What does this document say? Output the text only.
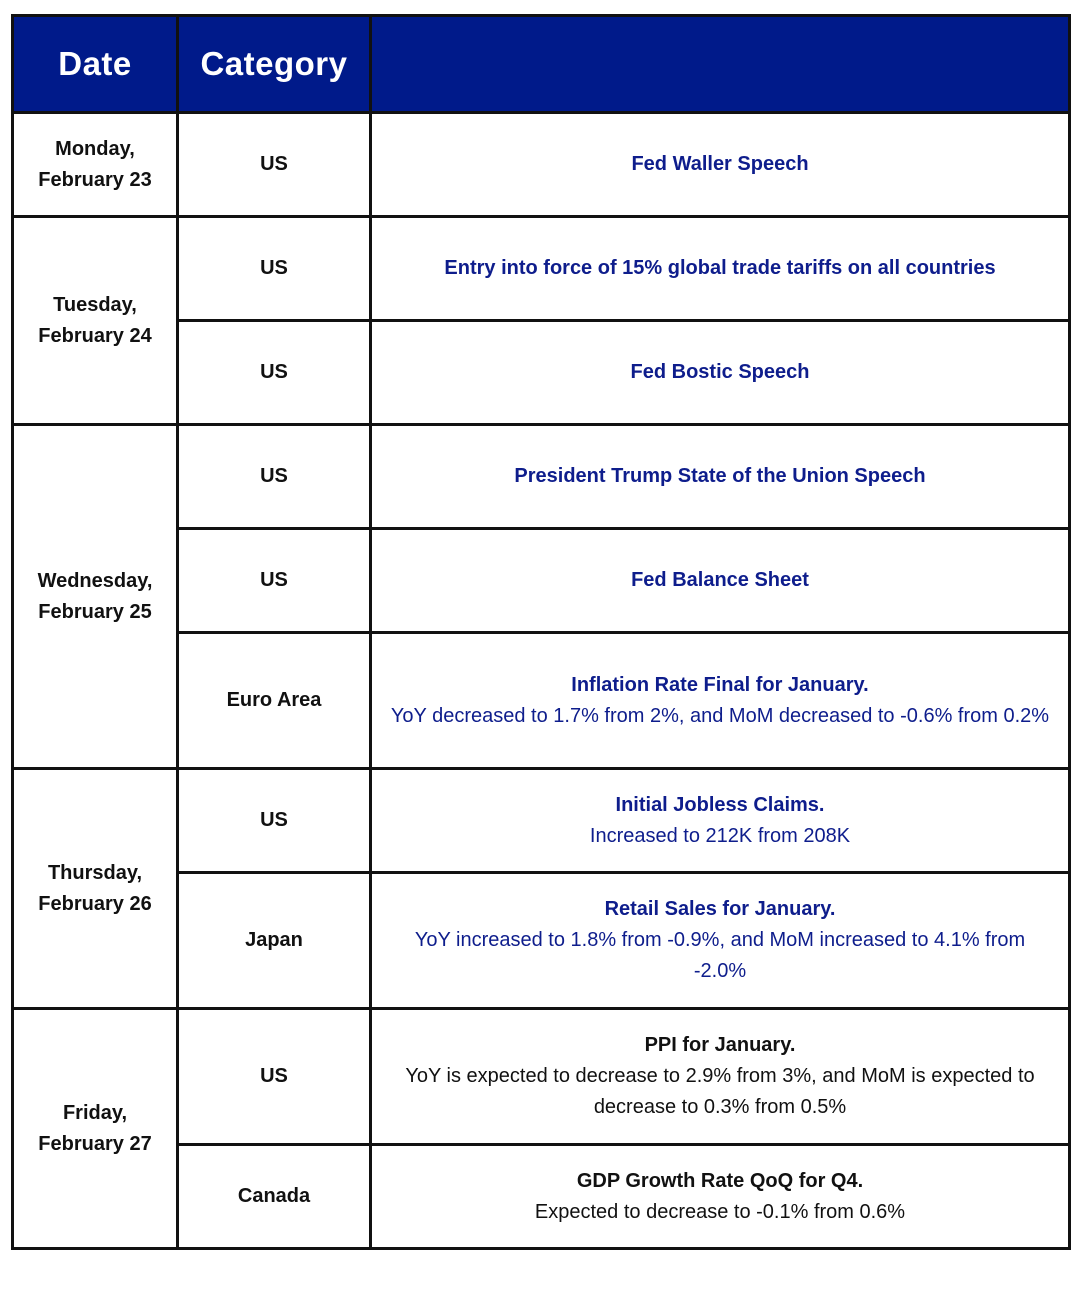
Date	Category	
Monday,
February 23	US	Fed Waller Speech

Tuesday,
February 24	US	Entry into force of 15% global trade tariffs on all countries

	US	Fed Bostic Speech

Wednesday,
February 25	US	President Trump State of the Union Speech

	US	Fed Balance Sheet

	Euro Area	Inflation Rate Final for January.
YoY decreased to 1.7% from 2%, and MoM decreased to -0.6% from 0.2%

Thursday,
February 26	US	Initial Jobless Claims.
Increased to 212K from 208K

	Japan	Retail Sales for January.
YoY increased to 1.8% from -0.9%, and MoM increased to 4.1% from -2.0%

Friday,
February 27	US	PPI for January.
YoY is expected to decrease to 2.9% from 3%, and MoM is expected to decrease to 0.3% from 0.5%

	Canada	GDP Growth Rate QoQ for Q4.
Expected to decrease to -0.1% from 0.6%
